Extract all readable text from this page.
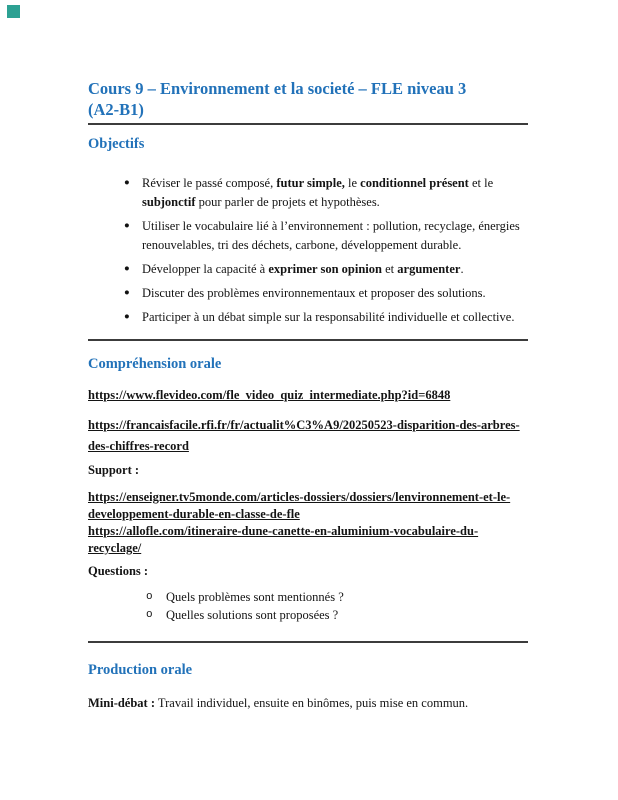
Cours 9 – Environnement et la societé – FLE niveau 3
(A2-B1)
Objectifs
● Réviser le passé composé, futur simple, le conditionnel présent et le subjonctif pour parler de projets et hypothèses.
● Utiliser le vocabulaire lié à l’environnement : pollution, recyclage, énergies renouvelables, tri des déchets, carbone, développement durable.
● Développer la capacité à exprimer son opinion et argumenter.
● Discuter des problèmes environnementaux et proposer des solutions.
● Participer à un débat simple sur la responsabilité individuelle et collective.
Compréhension orale
https://www.flevideo.com/fle_video_quiz_intermediate.php?id=6848
https://francaisfacile.rfi.fr/fr/actualit%C3%A9/20250523-disparition-des-arbres-
des-chiffres-record

Support :

https://enseigner.tv5monde.com/articles-dossiers/dossiers/lenvironnement-et-le-
developpement-durable-en-classe-de-fle
https://allofle.com/itineraire-dune-canette-en-aluminium-vocabulaire-du-recyclage/

Questions :

o	Quels problèmes sont mentionnés ?
o	Quelles solutions sont proposées ?
Production orale

Mini-débat : Travail individuel, ensuite en binômes, puis mise en commun.
